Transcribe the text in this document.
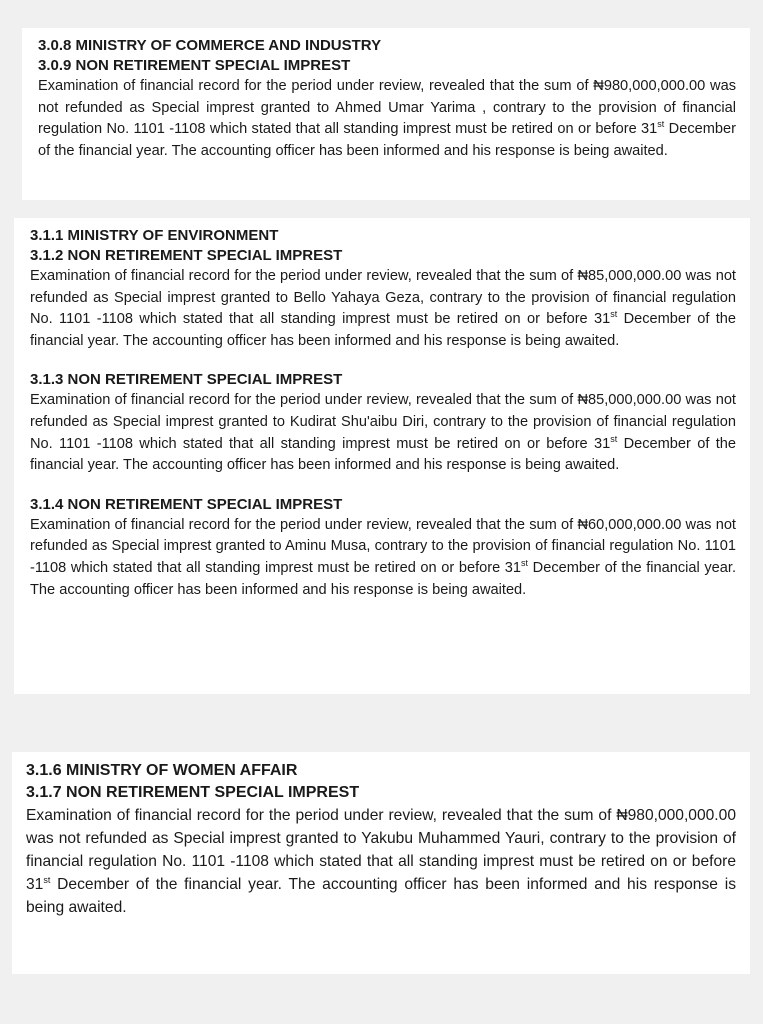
3.0.8 MINISTRY OF COMMERCE AND INDUSTRY

3.0.9 NON RETIREMENT SPECIAL IMPREST

Examination of financial record for the period under review, revealed that the sum of ₦980,000,000.00 was not refunded as Special imprest granted to Ahmed Umar Yarima , contrary to the provision of financial regulation No. 1101 -1108 which stated that all standing imprest must be retired on or before 31st December of the financial year. The accounting officer has been informed and his response is being awaited.

3.1.1 MINISTRY OF ENVIRONMENT

3.1.2 NON RETIREMENT SPECIAL IMPREST

Examination of financial record for the period under review, revealed that the sum of ₦85,000,000.00 was not refunded as Special imprest granted to Bello Yahaya Geza, contrary to the provision of financial regulation No. 1101 -1108 which stated that all standing imprest must be retired on or before 31st December of the financial year. The accounting officer has been informed and his response is being awaited.

3.1.3 NON RETIREMENT SPECIAL IMPREST

Examination of financial record for the period under review, revealed that the sum of ₦85,000,000.00 was not refunded as Special imprest granted to Kudirat Shu'aibu Diri, contrary to the provision of financial regulation No. 1101 -1108 which stated that all standing imprest must be retired on or before 31st December of the financial year. The accounting officer has been informed and his response is being awaited.

3.1.4 NON RETIREMENT SPECIAL IMPREST

Examination of financial record for the period under review, revealed that the sum of ₦60,000,000.00 was not refunded as Special imprest granted to Aminu Musa, contrary to the provision of financial regulation No. 1101 -1108 which stated that all standing imprest must be retired on or before 31st December of the financial year. The accounting officer has been informed and his response is being awaited.

3.1.6 MINISTRY OF WOMEN AFFAIR

3.1.7 NON RETIREMENT SPECIAL IMPREST

Examination of financial record for the period under review, revealed that the sum of ₦980,000,000.00 was not refunded as Special imprest granted to Yakubu Muhammed Yauri, contrary to the provision of financial regulation No. 1101 -1108 which stated that all standing imprest must be retired on or before 31st December of the financial year. The accounting officer has been informed and his response is being awaited.
